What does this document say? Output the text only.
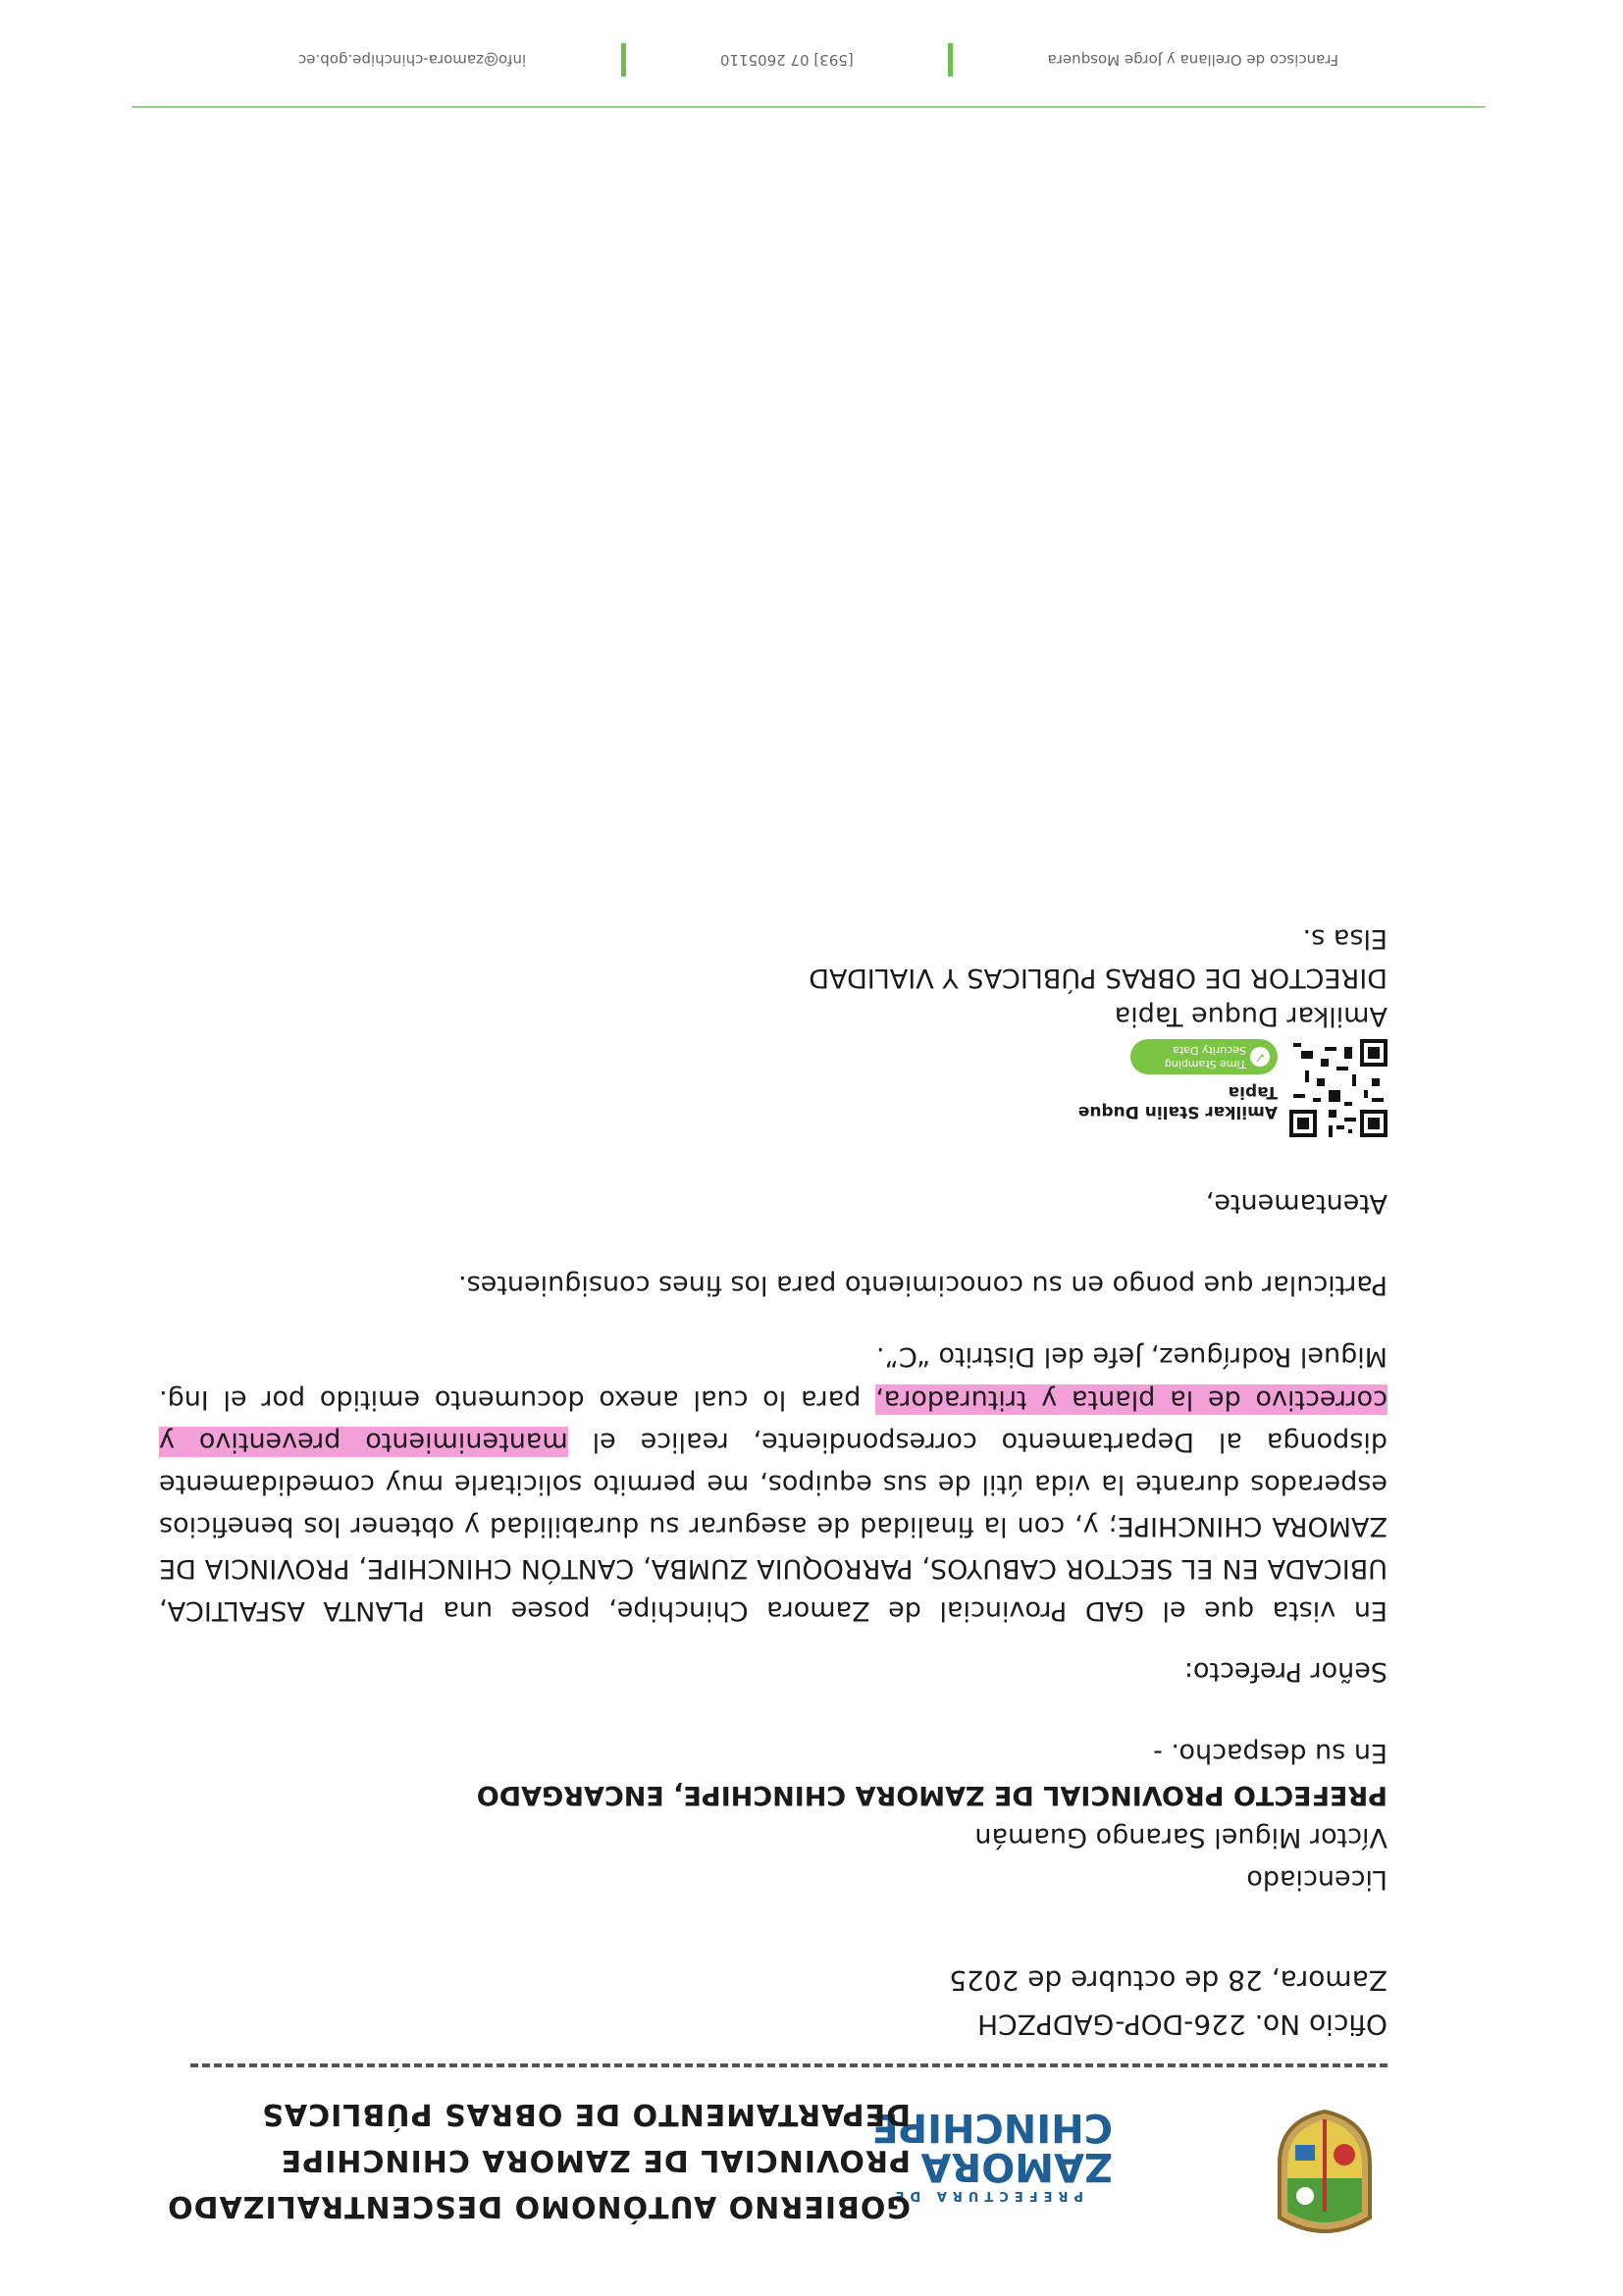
PREFECTURA DE
ZAMORA
CHINCHIPE
GOBIERNO AUTÓNOMO DESCENTRALIZADO
PROVINCIAL DE ZAMORA CHINCHIPE
DEPARTAMENTO DE OBRAS PÚBLICAS

Oficio No. 226-DOP-GADPZCH

Zamora, 28 de octubre de 2025

Licenciado

Víctor Miguel Sarango Guamán

PREFECTO PROVINCIAL DE ZAMORA CHINCHIPE, ENCARGADO

En su despacho. -

Señor Prefecto:

En vista que el GAD Provincial de Zamora Chinchipe, posee una PLANTA ASFALTICA, UBICADA EN EL SECTOR CABUYOS, PARROQUIA ZUMBA, CANTÓN CHINCHIPE, PROVINCIA DE ZAMORA CHINCHIPE; y, con la finalidad de asegurar su durabilidad y obtener los beneficios esperados durante la vida útil de sus equipos, me permito solicitarle muy comedidamente disponga al Departamento correspondiente, realice el mantenimiento preventivo y correctivo de la planta y trituradora, para lo cual anexo documento emitido por el Ing. Miguel Rodríguez, Jefe del Distrito “C”.

Particular que pongo en su conocimiento para los fines consiguientes.

Atentamente,

Amilkar Stalin Duque
Tapia
✓
Time Stamping
Security Data

Amilkar Duque Tapia

DIRECTOR DE OBRAS PÚBLICAS Y VIALIDAD

Elsa s.

Francisco de Orellana y Jorge Mosquera
[593] 07 2605110
info@zamora-chinchipe.gob.ec
